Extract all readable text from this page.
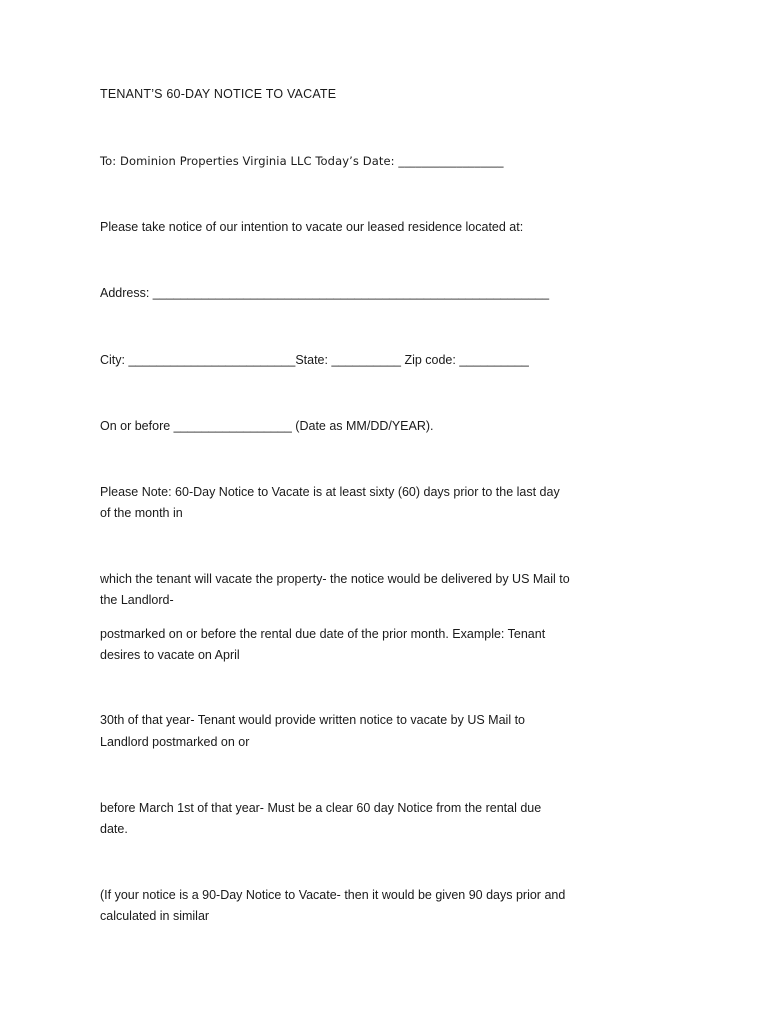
TENANT’S 60-DAY NOTICE TO VACATE

To: Dominion Properties Virginia LLC Today’s Date: __________________

Please take notice of our intention to vacate our leased residence located at:

Address: _________________________________________________________

City: ________________________State: __________ Zip code: __________

On or before _________________ (Date as MM/DD/YEAR).

Please Note: 60-Day Notice to Vacate is at least sixty (60) days prior to the last day

of the month in

which the tenant will vacate the property- the notice would be delivered by US Mail to

the Landlord-

postmarked on or before the rental due date of the prior month. Example: Tenant

desires to vacate on April

30th of that year- Tenant would provide written notice to vacate by US Mail to

Landlord postmarked on or

before March 1st of that year- Must be a clear 60 day Notice from the rental due

date.

(If your notice is a 90-Day Notice to Vacate- then it would be given 90 days prior and

calculated in similar
